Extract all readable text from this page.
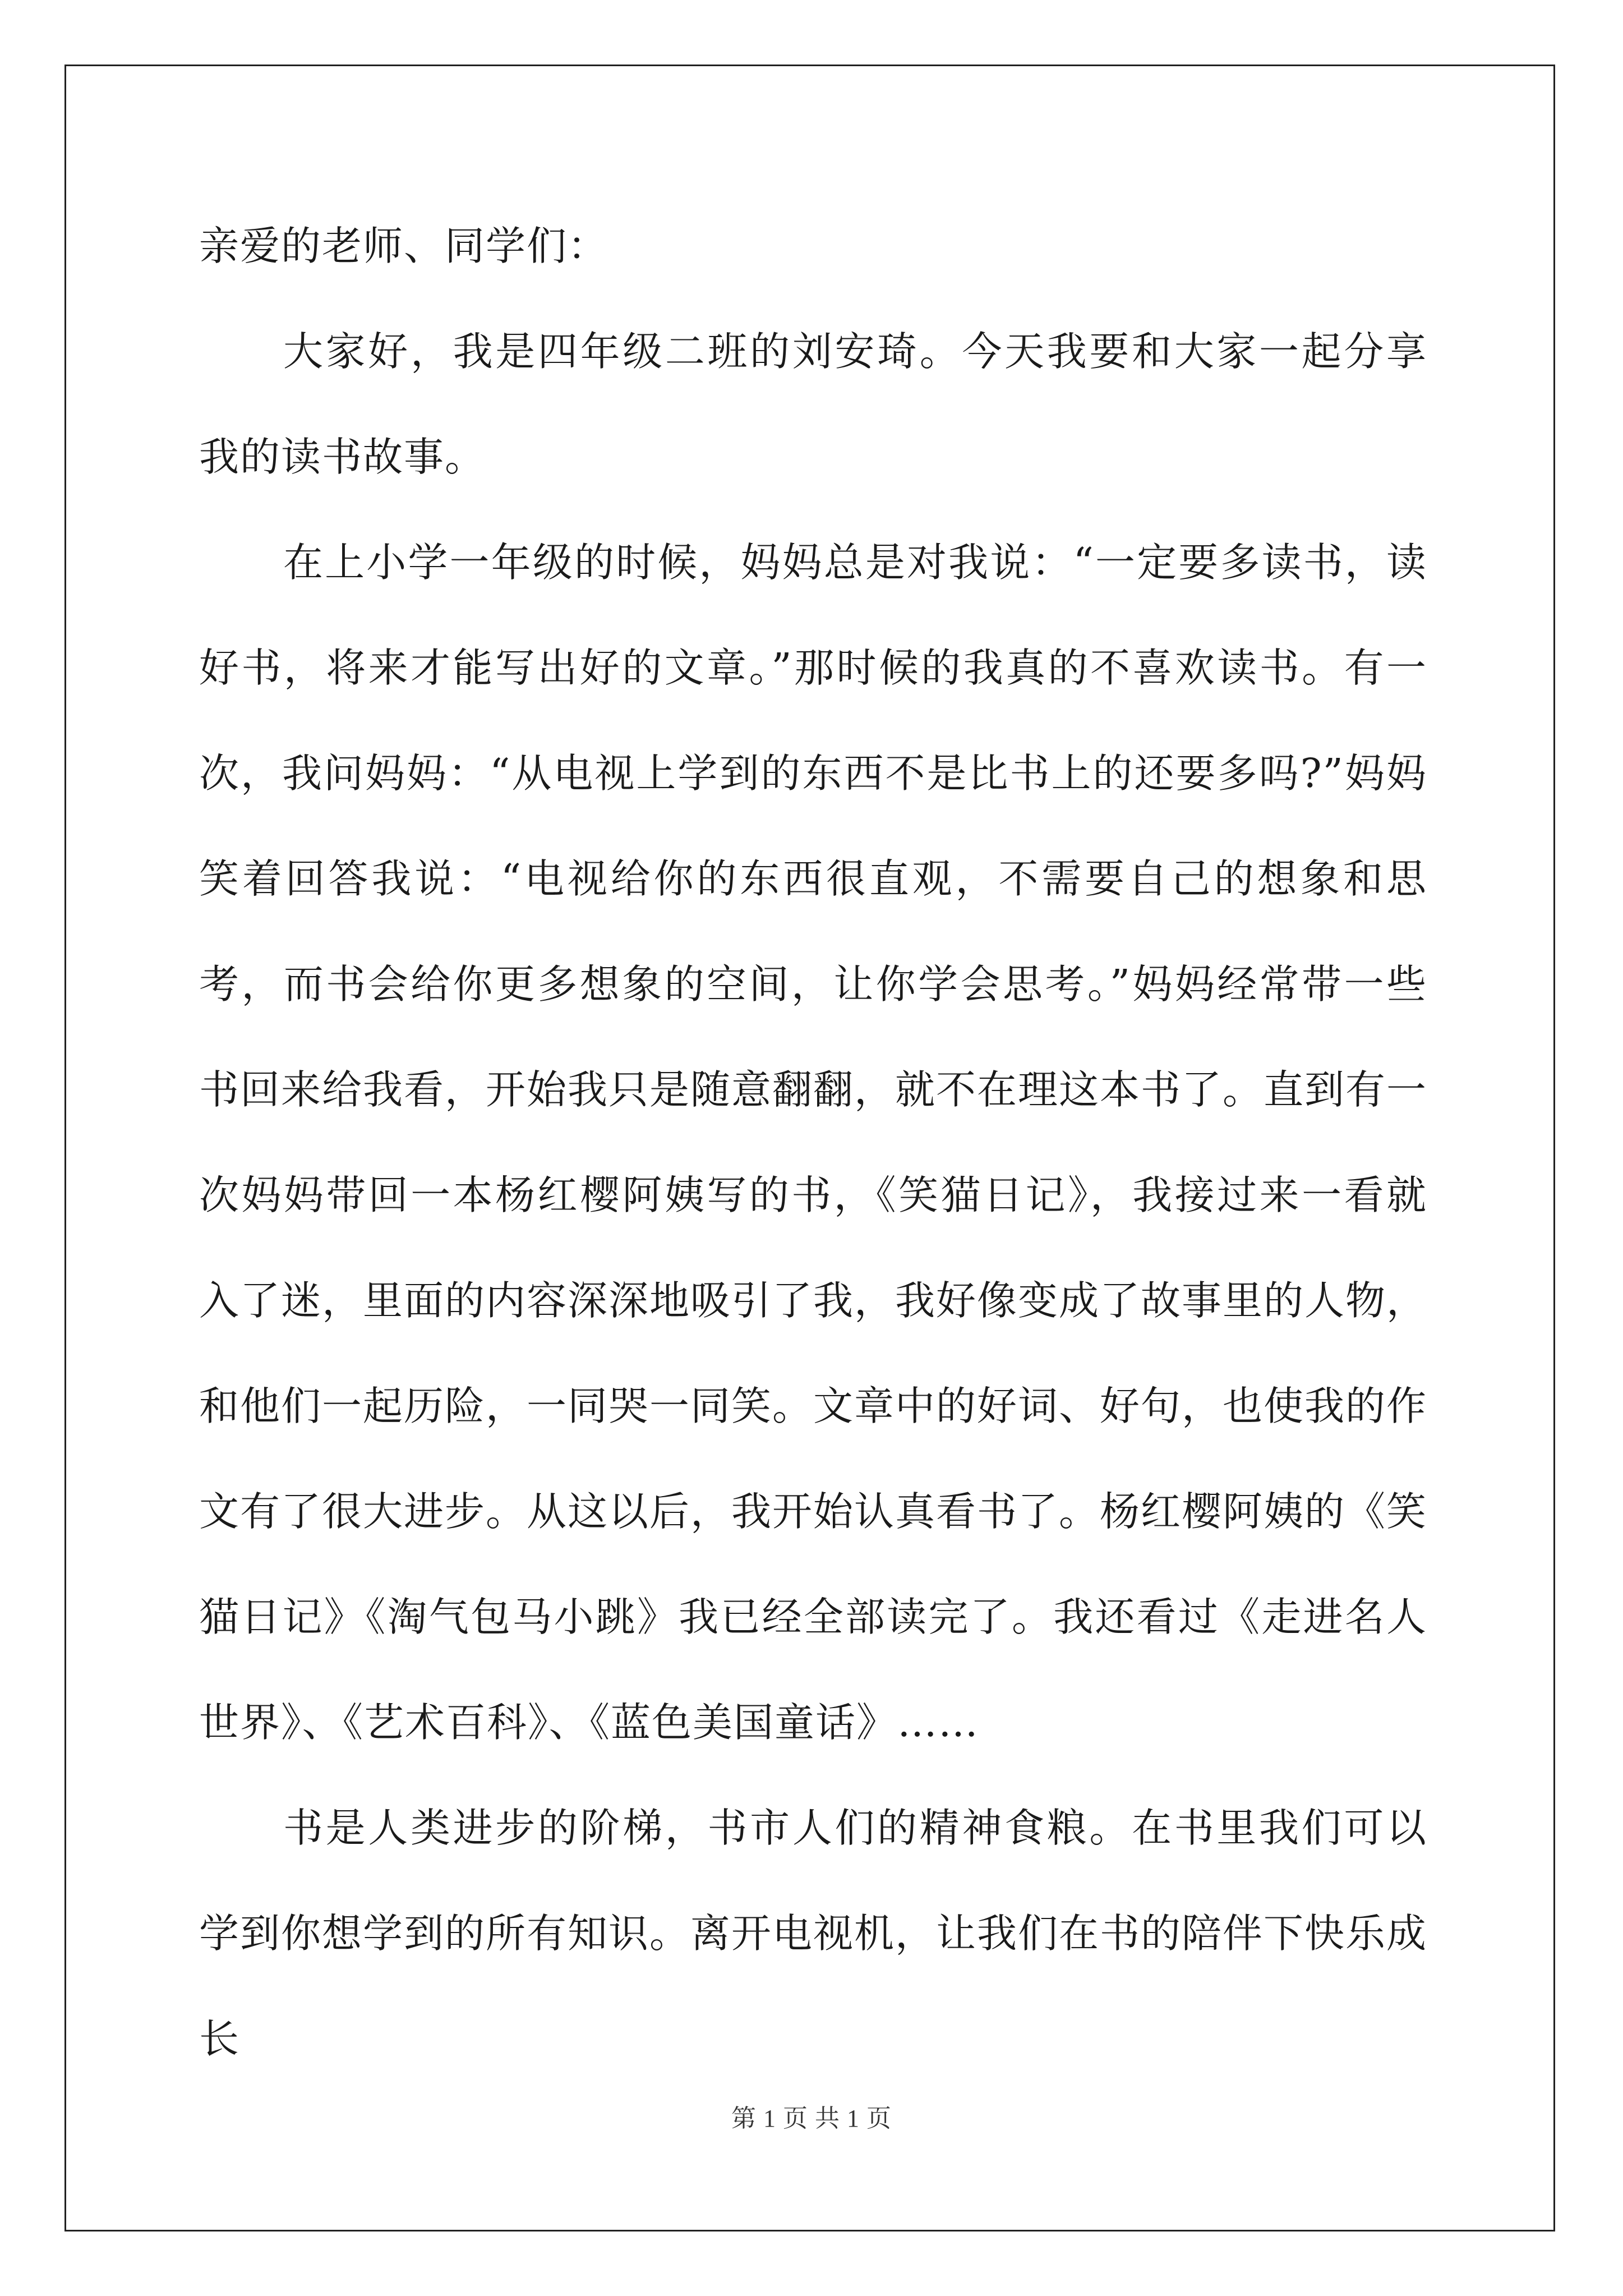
亲爱的老师、同学们：

大家好，我是四年级二班的刘安琦。今天我要和大家一起分享我的读书故事。

在上小学一年级的时候，妈妈总是对我说：“一定要多读书，读好书，将来才能写出好的文章。”那时候的我真的不喜欢读书。有一次，我问妈妈：“从电视上学到的东西不是比书上的还要多吗?”妈妈笑着回答我说：“电视给你的东西很直观，不需要自己的想象和思考，而书会给你更多想象的空间，让你学会思考。”妈妈经常带一些书回来给我看，开始我只是随意翻翻，就不在理这本书了。直到有一次妈妈带回一本杨红樱阿姨写的书，《笑猫日记》，我接过来一看就入了迷，里面的内容深深地吸引了我，我好像变成了故事里的人物，和他们一起历险，一同哭一同笑。文章中的好词、好句，也使我的作文有了很大进步。从这以后，我开始认真看书了。杨红樱阿姨的《笑猫日记》《淘气包马小跳》我已经全部读完了。我还看过《走进名人世界》、《艺术百科》、《蓝色美国童话》……

书是人类进步的阶梯，书市人们的精神食粮。在书里我们可以学到你想学到的所有知识。离开电视机，让我们在书的陪伴下快乐成长

第 1 页 共 1 页
